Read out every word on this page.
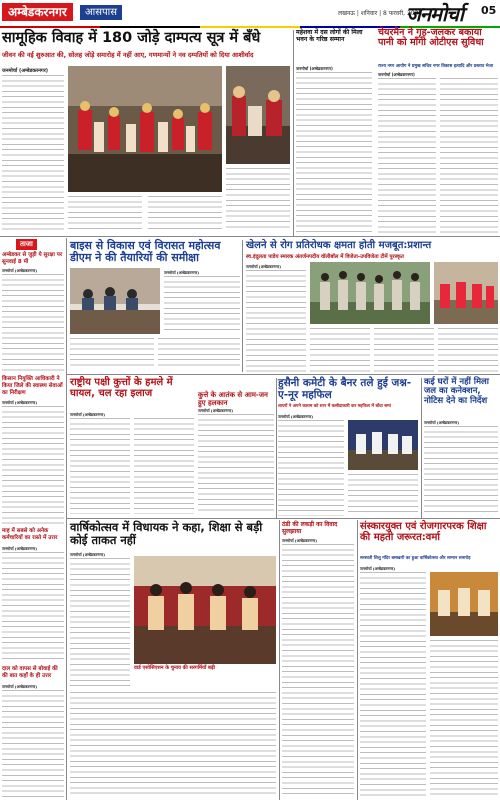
अम्बेडकरनगर	आसपास	लखनऊ | शनिवार | 8 फरवरी, 2025
जनमोर्चा 05
सामूहिक विवाह में 180 जोड़े दाम्पत्य सूत्र में बँधे
जीवन की नई शुरुआत की, सोलह जोड़े समारोह में नहीं आए, गणमान्यों ने नव दम्पतियों को दिया आशीर्वाद
जनमोर्चा (अम्बेडकरनगर)
महेशवा में दस लोगों की मिला भवन के गरिष्ठ सम्मान
जनमोर्चा (अम्बेडकरनगर)
चेयरमैन ने गृह-जलकर बकाया पानी को माँगी ओटीएस सुविधा
राज्य नगर आयोग ने प्रमुख सचिव नगर विकास इत्यादि और प्रस्ताव भेजा
जनमोर्चा (अम्बेडकरनगर)
ताजा
अम्बेडकर से जुड़ी ये सुरक्षा पर सुनवाई 8 मी
जनमोर्चा (अम्बेडकरनगर)
किसान नियुक्ति आधिकारी ने किया जिले की स्वास्थ्य सेवाओं का निरीक्षण
जनमोर्चा (अम्बेडकरनगर)
माह में सबसे को अनेक कर्मचारियों का रास्ते में उत्तर
जनमोर्चा (अम्बेडकरनगर)
दाल को वापस से बोवाई की की बात कहाँ के ही उत्तर
जनमोर्चा (अम्बेडकरनगर)
बाइस से विकास एवं विरासत महोत्सव डीएम ने की तैयारियों की समीक्षा
जनमोर्चा (अम्बेडकरनगर)
खेलने से रोग प्रतिरोधक क्षमता होती मजबूत:प्रशान्त
स्व.इंदुलता पाडेय स्मारक अंतर्जनपदीय वॉलीबॉल में विजेता-उपविजेता टीमें पुरस्कृत
जनमोर्चा (अम्बेडकरनगर)
राष्ट्रीय पक्षी कुत्तों के हमले में घायल, चल रहा इलाज
जनमोर्चा (अम्बेडकरनगर)
कुत्ते के आतंक से आम-जन हुए हलकान
जनमोर्चा (अम्बेडकरनगर)
हुसैनी कमेटी के बैनर तले हुई जश्न-ए-नूर महफिल
शायरों ने अपने कलाम को शान में कसीदाकारी कर महफिल में बाँधा समां
जनमोर्चा (अम्बेडकरनगर)
कई घरों में नहीं मिला जल का कनेक्शन, नोटिस देने का निर्देश
जनमोर्चा (अम्बेडकरनगर)
वार्षिकोत्सव में विधायक ने कहा, शिक्षा से बड़ी कोई ताकत नहीं
जनमोर्चा (अम्बेडकरनगर)
वार्ड एसोसिएशन के चुनाव की सरगर्मियाँ बढ़ी
ठंडी की लकड़ी का विवाद सुलझाया
जनमोर्चा (अम्बेडकरनगर)
संस्कारयुक्त एवं रोजगारपरक शिक्षा की महती जरूरत:वर्मा
सरस्वती शिशु मंदिर बसखारी का हुआ वार्षिकोत्सव और सम्मान समारोह
जनमोर्चा (अम्बेडकरनगर)
